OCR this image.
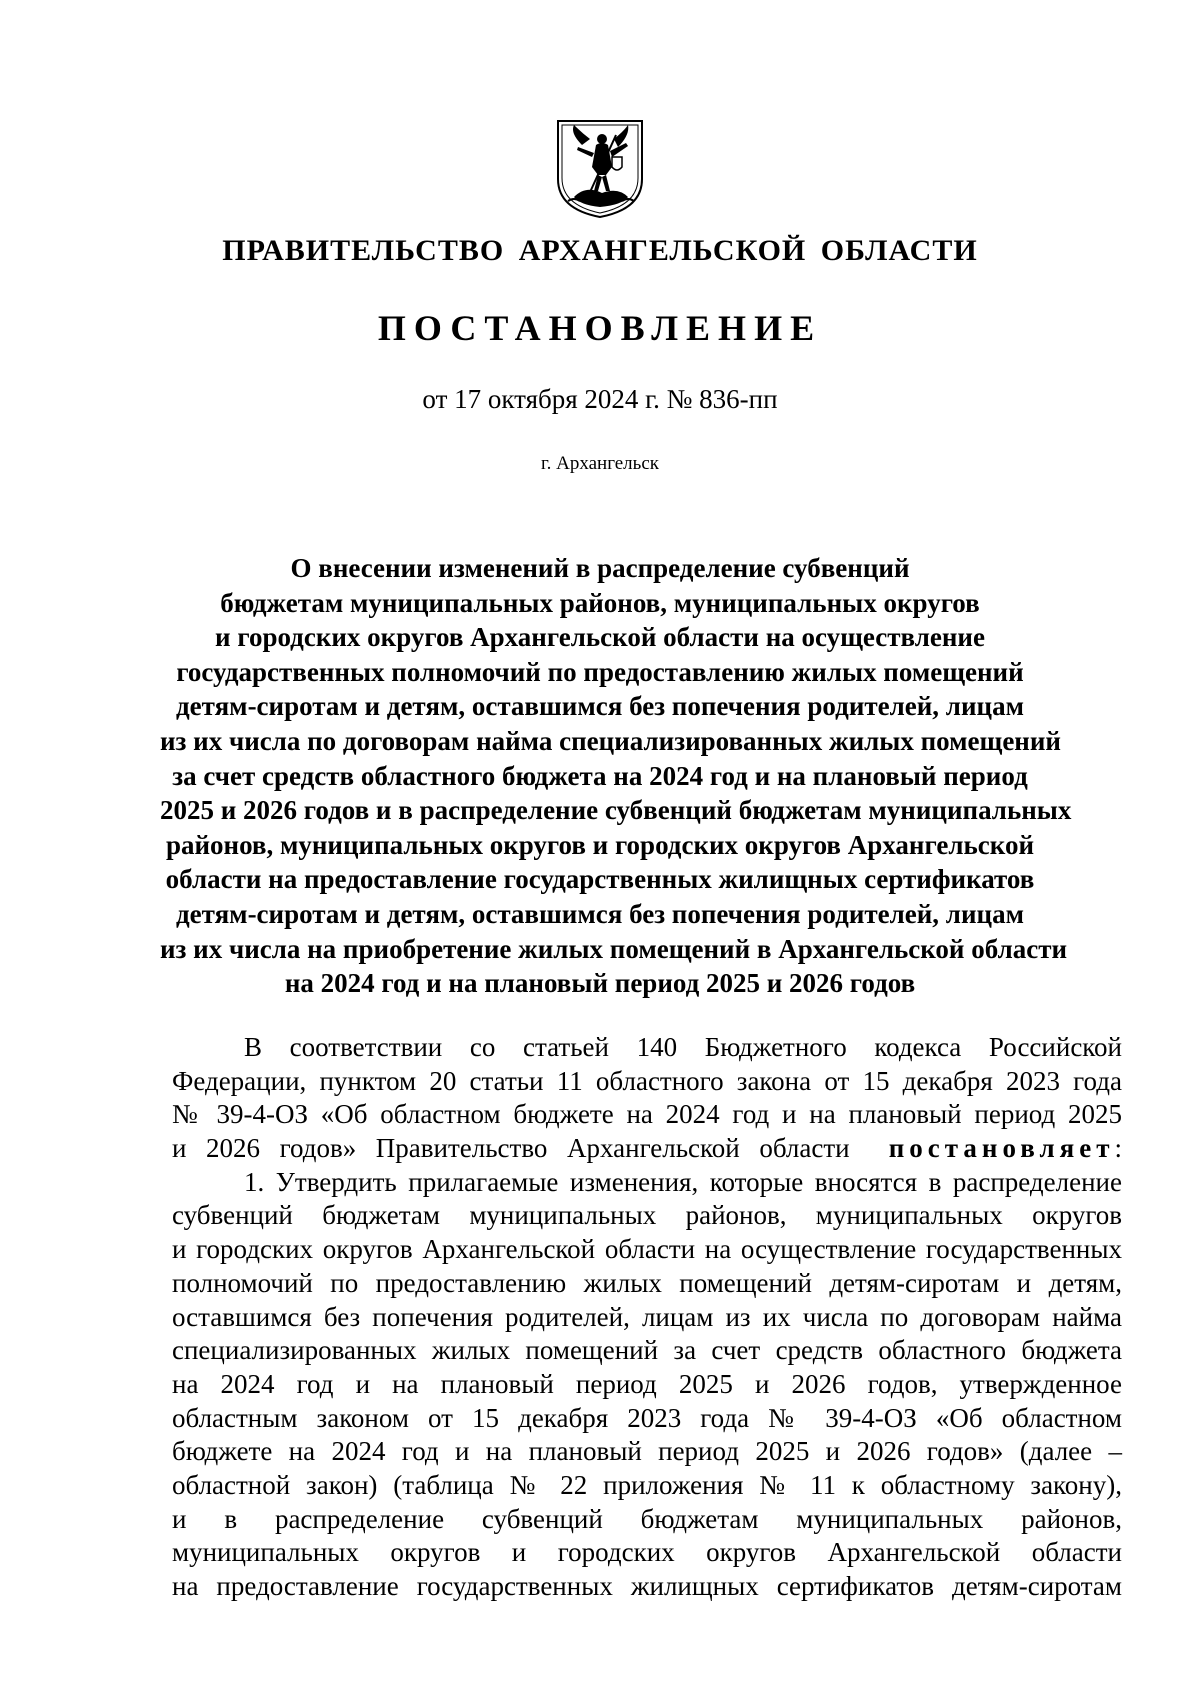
ПРАВИТЕЛЬСТВО АРХАНГЕЛЬСКОЙ ОБЛАСТИ
ПОСТАНОВЛЕНИЕ
от 17 октября 2024 г. № 836-пп
г. Архангельск
О внесении изменений в распределение субвенций
бюджетам муниципальных районов, муниципальных округов
и городских округов Архангельской области на осуществление
государственных полномочий по предоставлению жилых помещений
детям-сиротам и детям, оставшимся без попечения родителей, лицам
из их числа по договорам найма специализированных жилых помещений
за счет средств областного бюджета на 2024 год и на плановый период
2025 и 2026 годов и в распределение субвенций бюджетам муниципальных
районов, муниципальных округов и городских округов Архангельской
области на предоставление государственных жилищных сертификатов
детям-сиротам и детям, оставшимся без попечения родителей, лицам
из их числа на приобретение жилых помещений в Архангельской области
на 2024 год и на плановый период 2025 и 2026 годов
В соответствии со статьей 140 Бюджетного кодекса Российской
Федерации, пунктом 20 статьи 11 областного закона от 15 декабря 2023 года
№ 39-4-ОЗ «Об областном бюджете на 2024 год и на плановый период 2025
и 2026 годов» Правительство Архангельской области постановляет:
1. Утвердить прилагаемые изменения, которые вносятся в распределение
субвенций бюджетам муниципальных районов, муниципальных округов
и городских округов Архангельской области на осуществление государственных
полномочий по предоставлению жилых помещений детям-сиротам и детям,
оставшимся без попечения родителей, лицам из их числа по договорам найма
специализированных жилых помещений за счет средств областного бюджета
на 2024 год и на плановый период 2025 и 2026 годов, утвержденное
областным законом от 15 декабря 2023 года № 39-4-ОЗ «Об областном
бюджете на 2024 год и на плановый период 2025 и 2026 годов» (далее –
областной закон) (таблица № 22 приложения № 11 к областному закону),
и в распределение субвенций бюджетам муниципальных районов,
муниципальных округов и городских округов Архангельской области
на предоставление государственных жилищных сертификатов детям-сиротам
